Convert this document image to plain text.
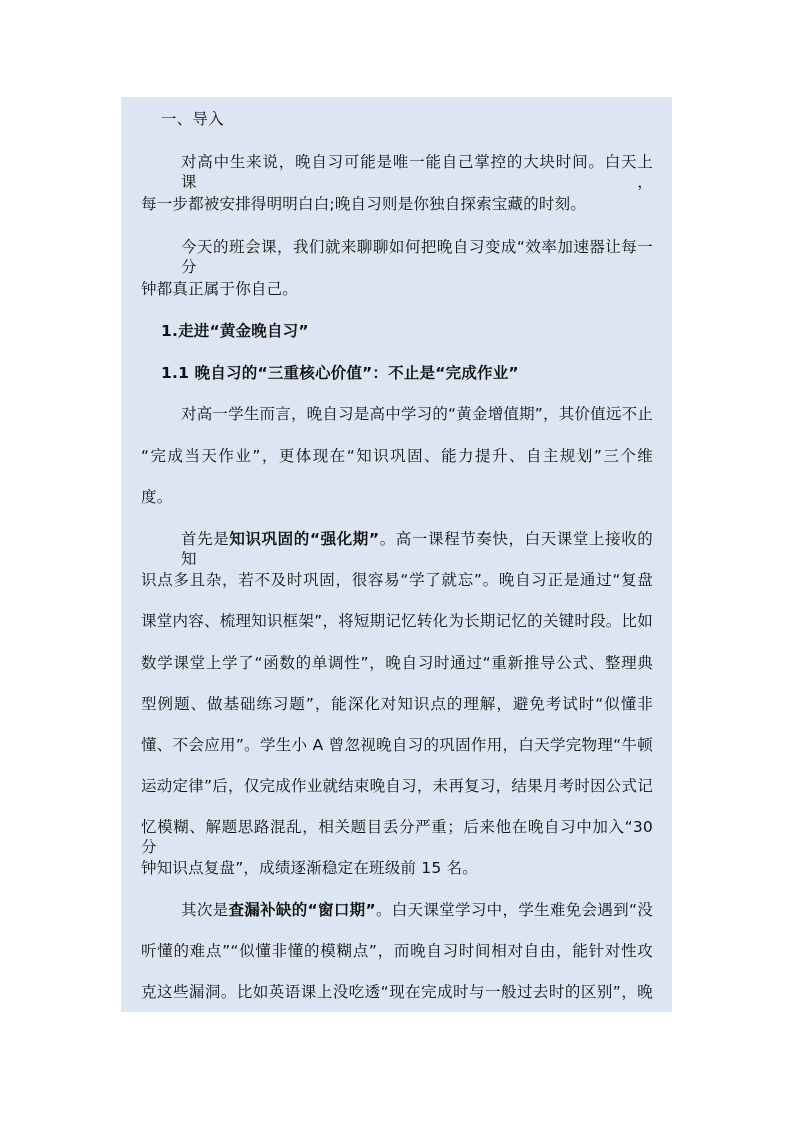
一、导入
对高中生来说，晚自习可能是唯一能自己掌控的大块时间。白天上课，
每一步都被安排得明明白白;晚自习则是你独自探索宝藏的时刻。
今天的班会课，我们就来聊聊如何把晚自习变成“效率加速器让每一分
钟都真正属于你自己。
1.走进“黄金晚自习”
1.1 晚自习的“三重核心价值”：不止是“完成作业”
对高一学生而言，晚自习是高中学习的“黄金增值期”，其价值远不止
“完成当天作业”，更体现在“知识巩固、能力提升、自主规划”三个维
度。
首先是知识巩固的“强化期”。高一课程节奏快，白天课堂上接收的知
识点多且杂，若不及时巩固，很容易“学了就忘”。晚自习正是通过“复盘
课堂内容、梳理知识框架”，将短期记忆转化为长期记忆的关键时段。比如
数学课堂上学了“函数的单调性”，晚自习时通过“重新推导公式、整理典
型例题、做基础练习题”，能深化对知识点的理解，避免考试时“似懂非
懂、不会应用”。学生小 A 曾忽视晚自习的巩固作用，白天学完物理“牛顿
运动定律”后，仅完成作业就结束晚自习，未再复习，结果月考时因公式记
忆模糊、解题思路混乱，相关题目丢分严重；后来他在晚自习中加入“30 分
钟知识点复盘”，成绩逐渐稳定在班级前 15 名。
其次是查漏补缺的“窗口期”。白天课堂学习中，学生难免会遇到“没
听懂的难点”“似懂非懂的模糊点”，而晚自习时间相对自由，能针对性攻
克这些漏洞。比如英语课上没吃透“现在完成时与一般过去时的区别”，晚
